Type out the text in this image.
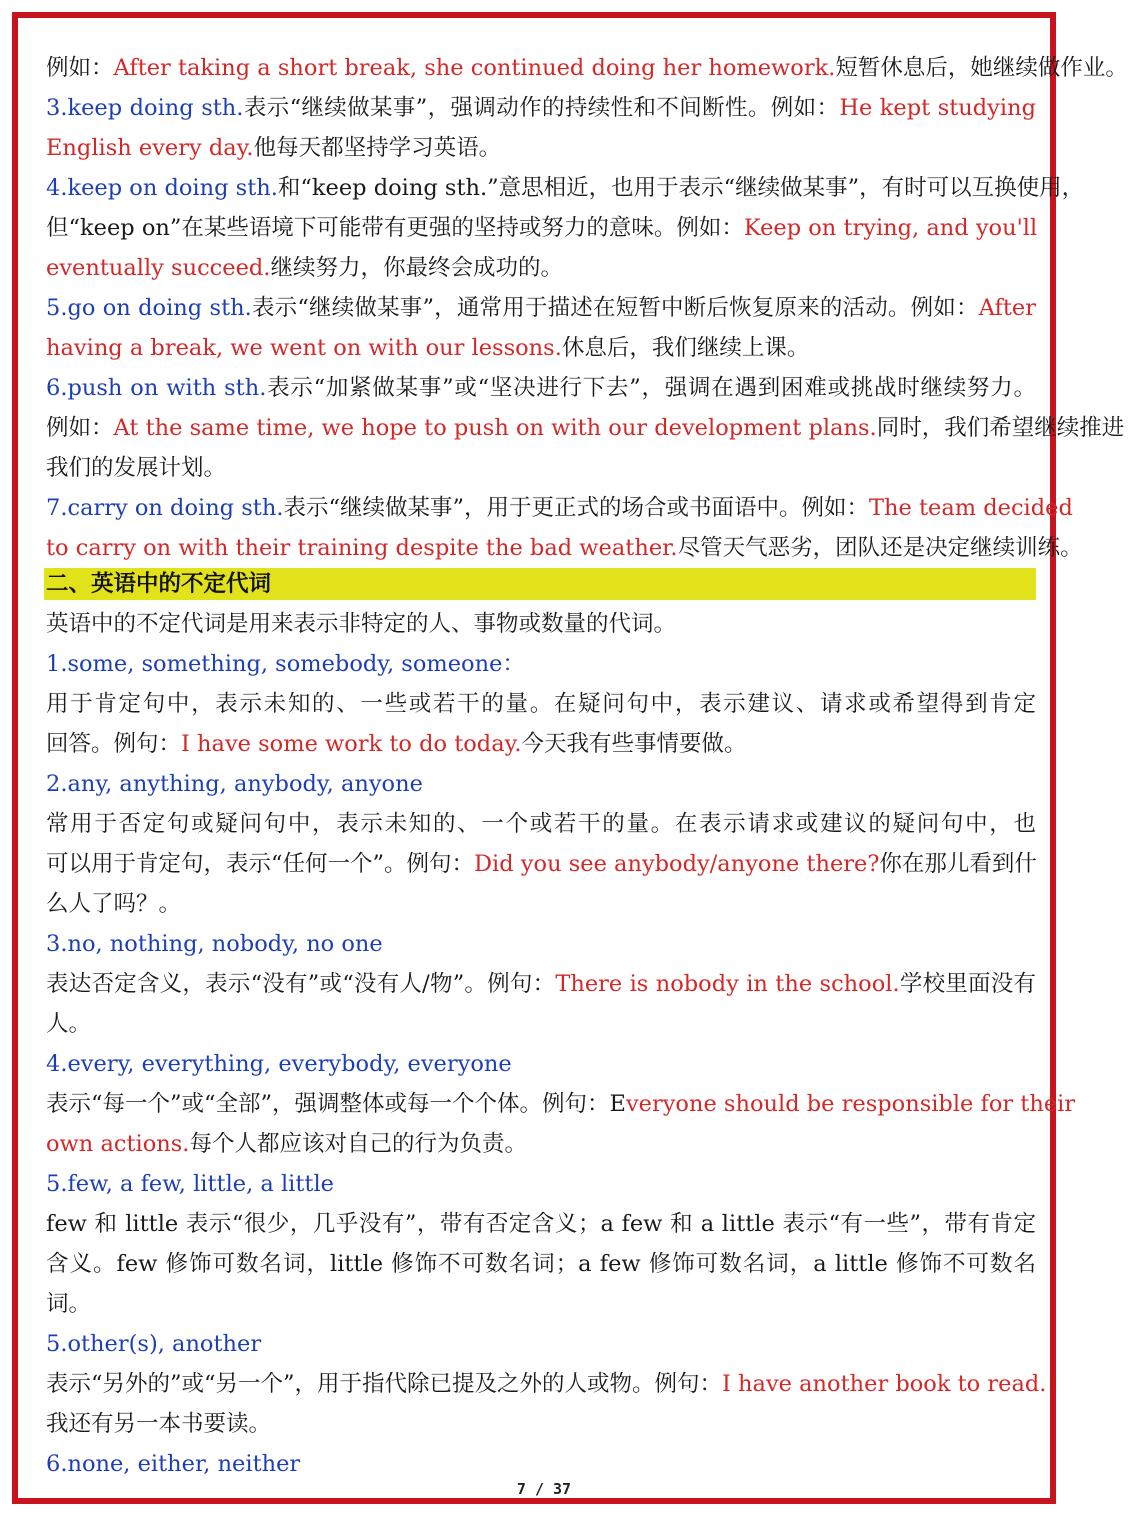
例如：After taking a short break, she continued doing her homework.短暂休息后，她继续做作业。
3.keep doing sth.表示“继续做某事”，强调动作的持续性和不间断性。例如：He kept studying
English every day.他每天都坚持学习英语。
4.keep on doing sth.和“keep doing sth.”意思相近，也用于表示“继续做某事”，有时可以互换使用，
但“keep on”在某些语境下可能带有更强的坚持或努力的意味。例如：Keep on trying, and you'll
eventually succeed.继续努力，你最终会成功的。
5.go on doing sth.表示“继续做某事”，通常用于描述在短暂中断后恢复原来的活动。例如：After
having a break, we went on with our lessons.休息后，我们继续上课。
6.push on with sth.表示“加紧做某事”或“坚决进行下去”，强调在遇到困难或挑战时继续努力。
例如：At the same time, we hope to push on with our development plans.同时，我们希望继续推进
我们的发展计划。
7.carry on doing sth.表示“继续做某事”，用于更正式的场合或书面语中。例如：The team decided
to carry on with their training despite the bad weather.尽管天气恶劣，团队还是决定继续训练。
二、英语中的不定代词
英语中的不定代词是用来表示非特定的人、事物或数量的代词。
1.some, something, somebody, someone：
用于肯定句中，表示未知的、一些或若干的量。在疑问句中，表示建议、请求或希望得到肯定
回答。例句：I have some work to do today.今天我有些事情要做。
2.any, anything, anybody, anyone
常用于否定句或疑问句中，表示未知的、一个或若干的量。在表示请求或建议的疑问句中，也
可以用于肯定句，表示“任何一个”。例句：Did you see anybody/anyone there?你在那儿看到什
么人了吗？。
3.no, nothing, nobody, no one
表达否定含义，表示“没有”或“没有人/物”。例句：There is nobody in the school.学校里面没有
人。
4.every, everything, everybody, everyone
表示“每一个”或“全部”，强调整体或每一个个体。例句：Everyone should be responsible for their
own actions.每个人都应该对自己的行为负责。
5.few, a few, little, a little
few 和 little 表示“很少，几乎没有”，带有否定含义；a few 和 a little 表示“有一些”，带有肯定
含义。few 修饰可数名词，little 修饰不可数名词；a few 修饰可数名词，a little 修饰不可数名
词。
5.other(s), another
表示“另外的”或“另一个”，用于指代除已提及之外的人或物。例句：I have another book to read.
我还有另一本书要读。
6.none, either, neither
7 / 37
